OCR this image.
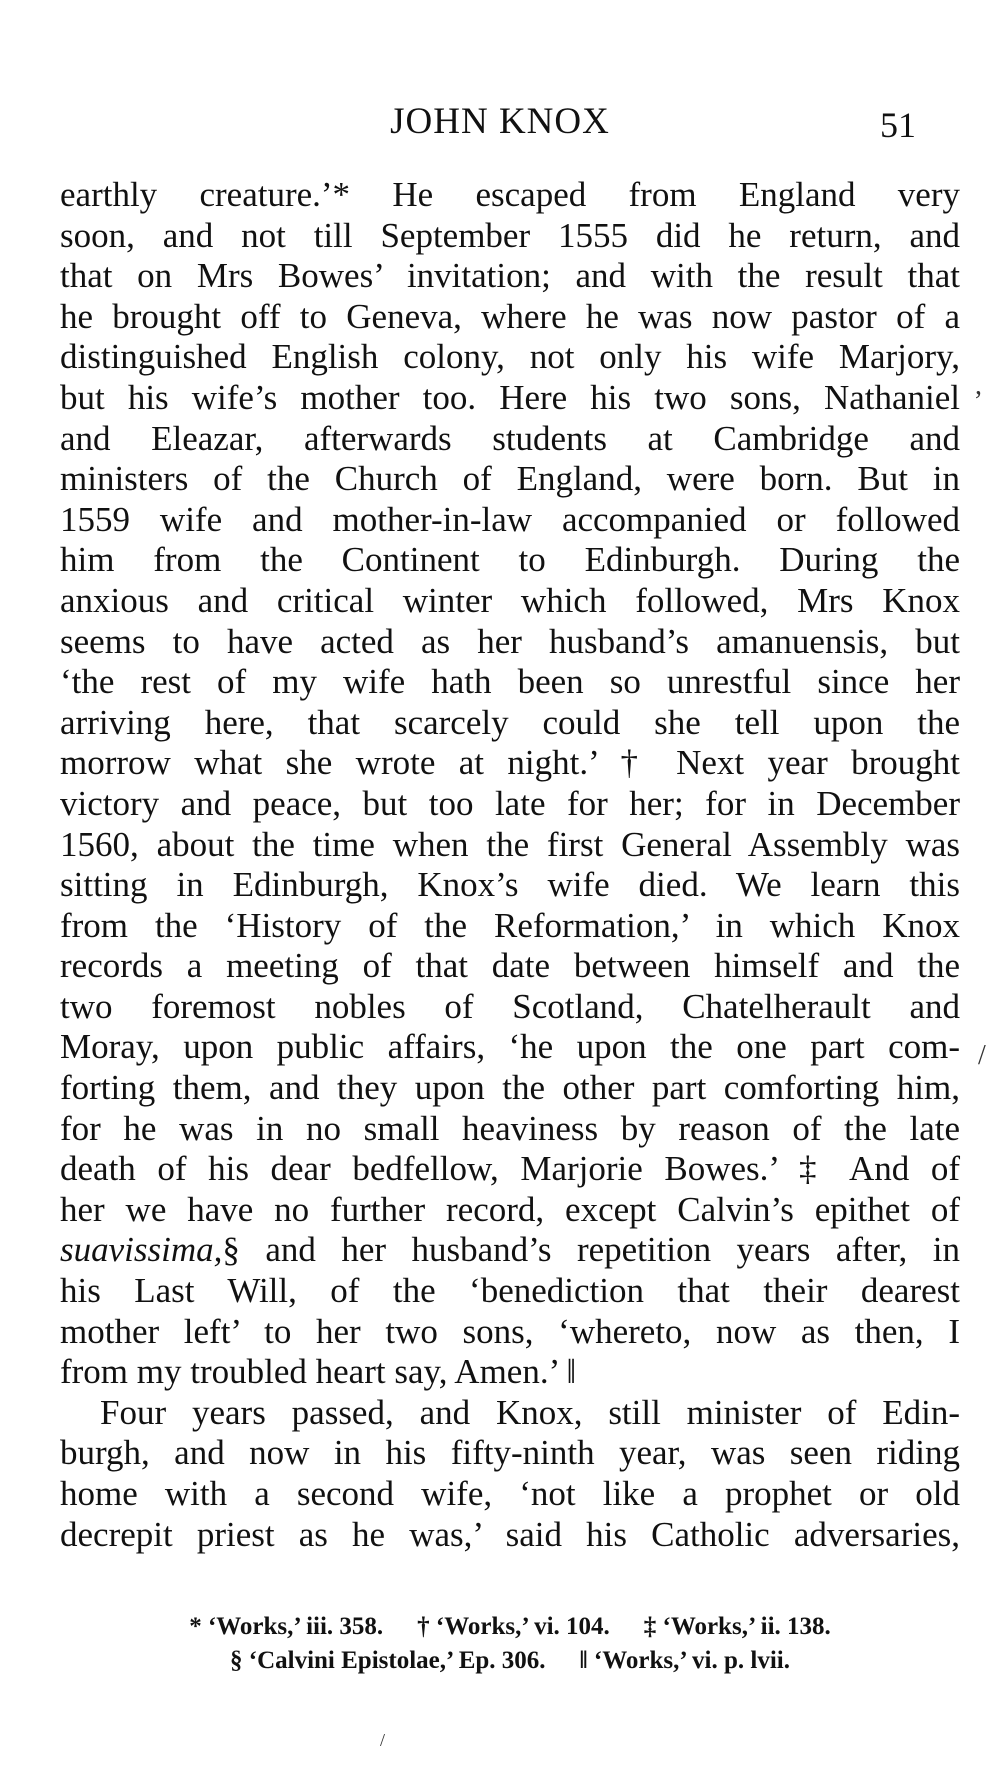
JOHN KNOX	51
earthly creature.’* He escaped from England very
soon, and not till September 1555 did he return, and
that on Mrs Bowes’ invitation; and with the result that
he brought off to Geneva, where he was now pastor of a
distinguished English colony, not only his wife Marjory,
but his wife’s mother too. Here his two sons, Nathaniel
and Eleazar, afterwards students at Cambridge and
ministers of the Church of England, were born. But in
1559 wife and mother-in-law accompanied or followed
him from the Continent to Edinburgh. During the
anxious and critical winter which followed, Mrs Knox
seems to have acted as her husband’s amanuensis, but
‘the rest of my wife hath been so unrestful since her
arriving here, that scarcely could she tell upon the
morrow what she wrote at night.’ † Next year brought
victory and peace, but too late for her; for in December
1560, about the time when the first General Assembly was
sitting in Edinburgh, Knox’s wife died. We learn this
from the ‘History of the Reformation,’ in which Knox
records a meeting of that date between himself and the
two foremost nobles of Scotland, Chatelherault and
Moray, upon public affairs, ‘he upon the one part com-
forting them, and they upon the other part comforting him,
for he was in no small heaviness by reason of the late
death of his dear bedfellow, Marjorie Bowes.’ ‡ And of
her we have no further record, except Calvin’s epithet of
suavissima,§ and her husband’s repetition years after, in
his Last Will, of the ‘benediction that their dearest
mother left’ to her two sons, ‘whereto, now as then, I
from my troubled heart say, Amen.’ ‖
Four years passed, and Knox, still minister of Edin-
burgh, and now in his fifty-ninth year, was seen riding
home with a second wife, ‘not like a prophet or old
decrepit priest as he was,’ said his Catholic adversaries,
* ‘Works,’ iii. 358. † ‘Works,’ vi. 104. ‡ ‘Works,’ ii. 138.
§ ‘Calvini Epistolae,’ Ep. 306. ‖ ‘Works,’ vi. p. lvii.
,
/
/
